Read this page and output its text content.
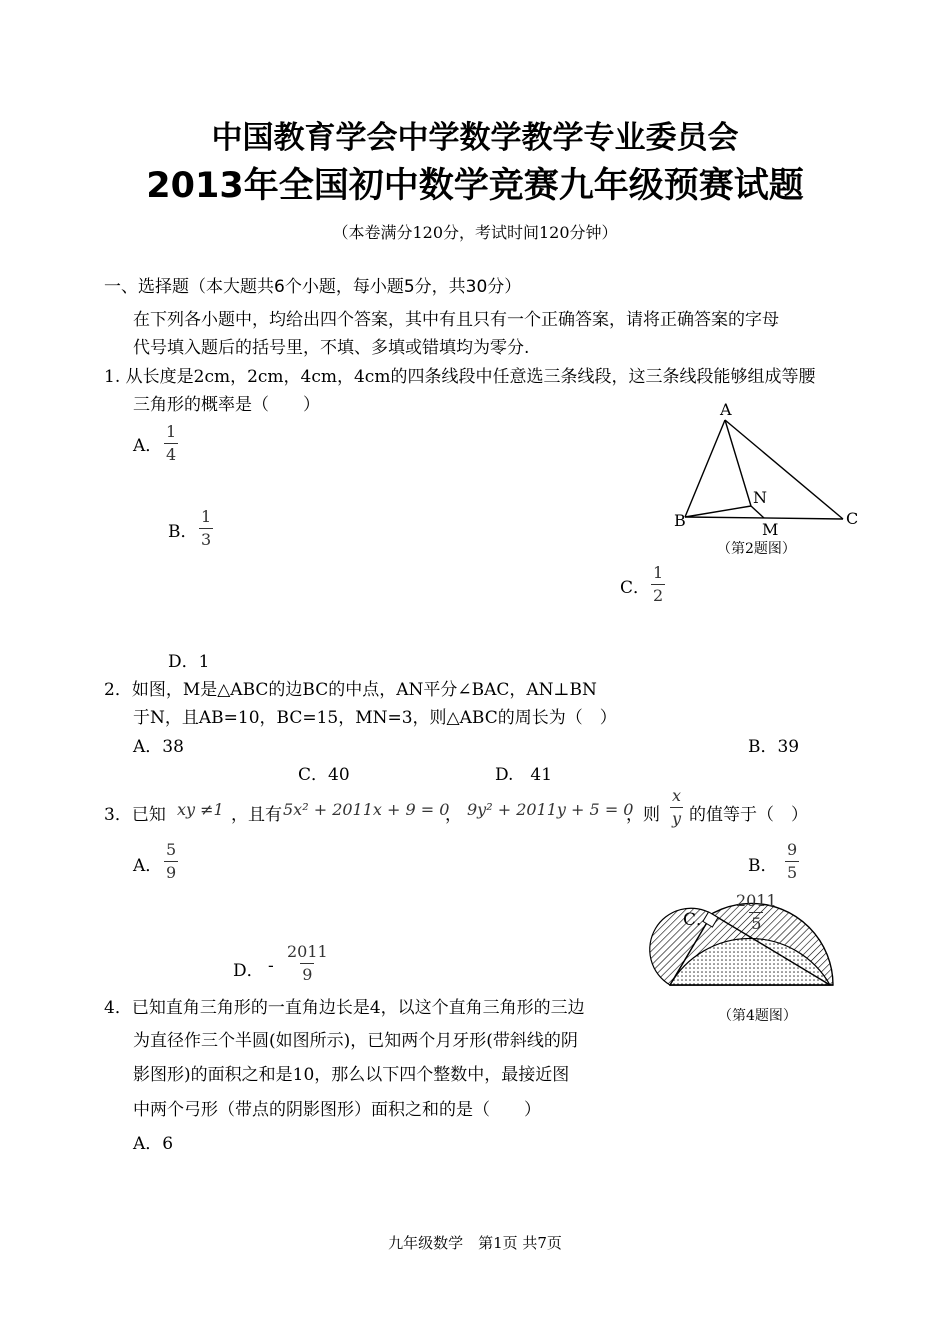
中国教育学会中学数学教学专业委员会
2013年全国初中数学竞赛九年级预赛试题
（本卷满分120分，考试时间120分钟）
一、选择题（本大题共6个小题，每小题5分，共30分）
在下列各小题中，均给出四个答案，其中有且只有一个正确答案，请将正确答案的字母
代号填入题后的括号里，不填、多填或错填均为零分.
1. 从长度是2cm，2cm，4cm，4cm的四条线段中任意选三条线段，这三条线段能够组成等腰
三角形的概率是（　　）
A． $\frac{1}{4}$
B． $\frac{1}{3}$
C． $\frac{1}{2}$
D．1
A
B	C
N
M
（第2题图）
2．如图，M是△ABC的边BC的中点，AN平分∠BAC，AN⊥BN
于N，且AB=10，BC=15，MN=3，则△ABC的周长为（　）
A．38	B．39
C．40	D.　41
3．已知 xy ≠1 ，且有 5x² + 2011x + 9 = 0
， 9y² + 2011y + 5 = 0
，则 $\frac{x}{y}$ 的值等于（　）
A． $\frac{5}{9}$	B． $\frac{9}{5}$
（第4题图）
C． $\frac{2011}{5}$
D． - $\frac{2011}{9}$
4．已知直角三角形的一直角边长是4，以这个直角三角形的三边
为直径作三个半圆(如图所示)，已知两个月牙形(带斜线的阴
影图形)的面积之和是10，那么以下四个整数中，最接近图
中两个弓形（带点的阴影图形）面积之和的是（　　）
A．6
九年级数学　第1页 共7页
